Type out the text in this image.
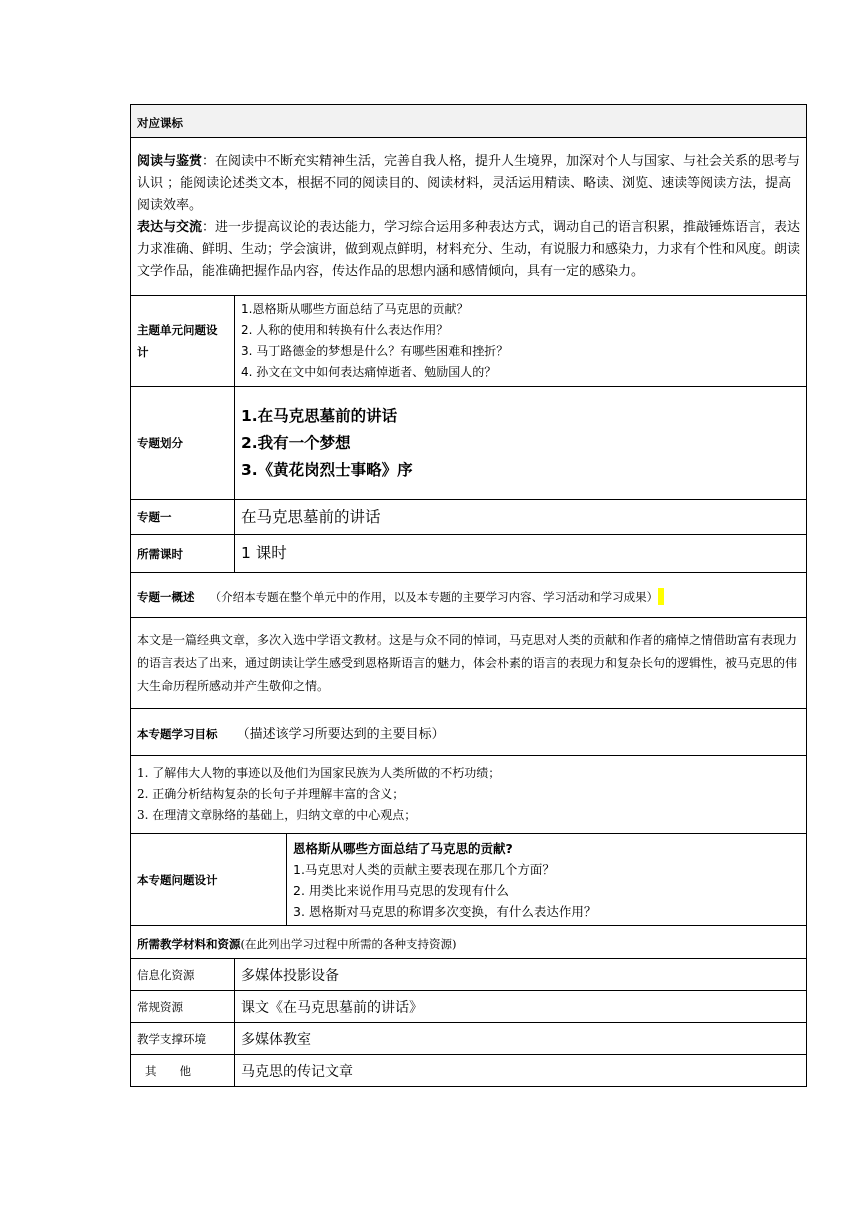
对应课标		

阅读与鉴赏：在阅读中不断充实精神生活，完善自我人格，提升人生境界，加深对个人与国家、与社会关系的思考与认识 ；能阅读论述类文本，根据不同的阅读目的、阅读材料，灵活运用精读、略读、浏览、速读等阅读方法，提高阅读效率。
表达与交流：进一步提高议论的表达能力，学习综合运用多种表达方式，调动自己的语言积累，推敲锤炼语言，表达力求准确、鲜明、生动；学会演讲，做到观点鲜明，材料充分、生动，有说服力和感染力，力求有个性和风度。朗读文学作品，能准确把握作品内容，传达作品的思想内涵和感情倾向，具有一定的感染力。		

主题单元问题设计	1.恩格斯从哪些方面总结了马克思的贡献？
2. 人称的使用和转换有什么表达作用？
3. 马丁路德金的梦想是什么？有哪些困难和挫折？
4. 孙文在文中如何表达痛悼逝者、勉励国人的？	

专题划分	1.在马克思墓前的讲话
2.我有一个梦想
3.《黄花岗烈士事略》序	

专题一	在马克思墓前的讲话	
所需课时	1 课时	
专题一概述 （介绍本专题在整个单元中的作用，以及本专题的主要学习内容、学习活动和学习成果）		
本文是一篇经典文章，多次入选中学语文教材。这是与众不同的悼词，马克思对人类的贡献和作者的痛悼之情借助富有表现力的语言表达了出来，通过朗读让学生感受到恩格斯语言的魅力，体会朴素的语言的表现力和复杂长句的逻辑性，被马克思的伟大生命历程所感动并产生敬仰之情。		
本专题学习目标 （描述该学习所要达到的主要目标）		

1. 了解伟大人物的事迹以及他们为国家民族为人类所做的不朽功绩；
2. 正确分析结构复杂的长句子并理解丰富的含义；
3. 在理清文章脉络的基础上，归纳文章的中心观点；		

本专题问题设计		恩格斯从哪些方面总结了马克思的贡献?
1.马克思对人类的贡献主要表现在那几个方面？
2. 用类比来说作用马克思的发现有什么
3. 恩格斯对马克思的称谓多次变换，有什么表达作用？

所需教学材料和资源(在此列出学习过程中所需的各种支持资源)		
信息化资源	多媒体投影设备	
常规资源	课文《在马克思墓前的讲话》	
教学支撑环境	多媒体教室	
其　　他	马克思的传记文章	
